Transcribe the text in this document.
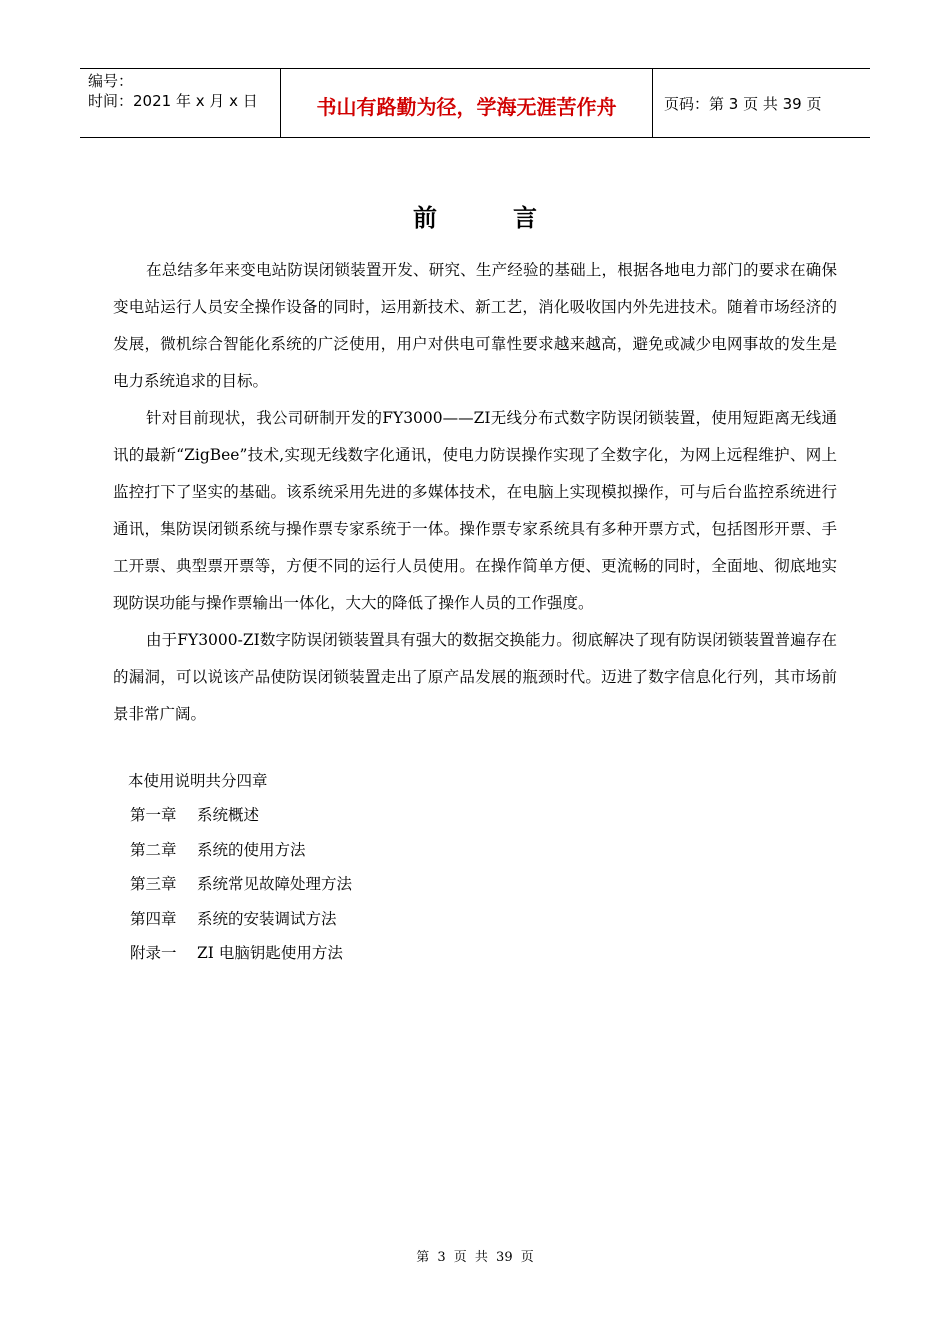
编号：
时间：2021 年 x 月 x 日	书山有路勤为径，学海无涯苦作舟	页码：第 3 页 共 39 页
前言

在总结多年来变电站防误闭锁装置开发、研究、生产经验的基础上，根据各地电力部门的要求在确保变电站运行人员安全操作设备的同时，运用新技术、新工艺，消化吸收国内外先进技术。随着市场经济的发展，微机综合智能化系统的广泛使用，用户对供电可靠性要求越来越高，避免或减少电网事故的发生是电力系统追求的目标。

针对目前现状，我公司研制开发的FY3000——ZI无线分布式数字防误闭锁装置，使用短距离无线通讯的最新“ZigBee”技术,实现无线数字化通讯，使电力防误操作实现了全数字化，为网上远程维护、网上监控打下了坚实的基础。该系统采用先进的多媒体技术，在电脑上实现模拟操作，可与后台监控系统进行通讯，集防误闭锁系统与操作票专家系统于一体。操作票专家系统具有多种开票方式，包括图形开票、手工开票、典型票开票等，方便不同的运行人员使用。在操作简单方便、更流畅的同时，全面地、彻底地实现防误功能与操作票输出一体化，大大的降低了操作人员的工作强度。

由于FY3000-ZI数字防误闭锁装置具有强大的数据交换能力。彻底解决了现有防误闭锁装置普遍存在的漏洞，可以说该产品使防误闭锁装置走出了原产品发展的瓶颈时代。迈进了数字信息化行列，其市场前景非常广阔。

本使用说明共分四章

第一章	系统概述
第二章	系统的使用方法
第三章	系统常见故障处理方法
第四章	系统的安装调试方法
附录一	ZI 电脑钥匙使用方法
第 3 页 共 39 页
